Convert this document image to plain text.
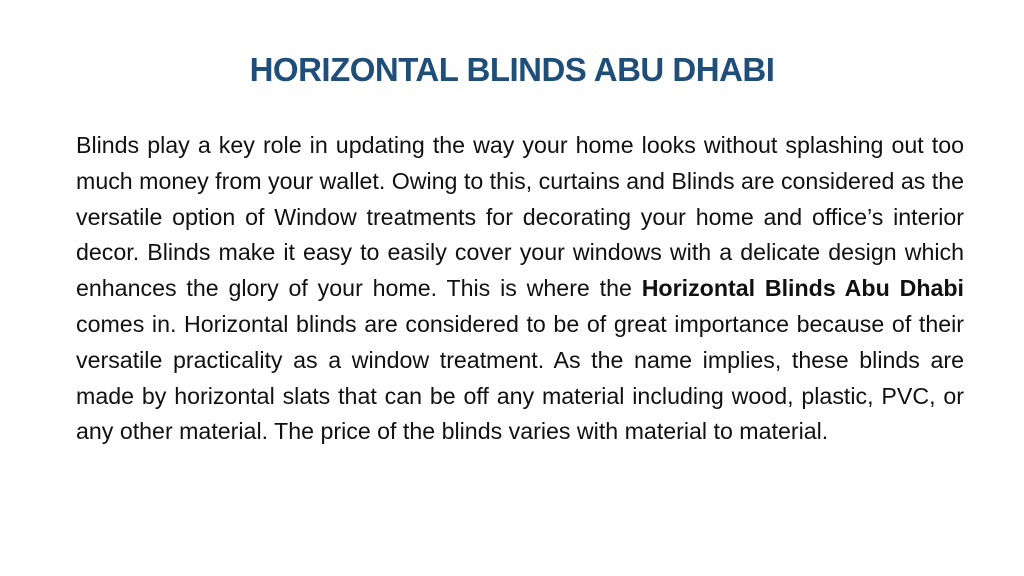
HORIZONTAL BLINDS ABU DHABI

Blinds play a key role in updating the way your home looks without splashing out too much money from your wallet. Owing to this, curtains and Blinds are considered as the versatile option of Window treatments for decorating your home and office’s interior decor. Blinds make it easy to easily cover your windows with a delicate design which enhances the glory of your home. This is where the Horizontal Blinds Abu Dhabi comes in. Horizontal blinds are considered to be of great importance because of their versatile practicality as a window treatment. As the name implies, these blinds are made by horizontal slats that can be off any material including wood, plastic, PVC, or any other material. The price of the blinds varies with material to material.
